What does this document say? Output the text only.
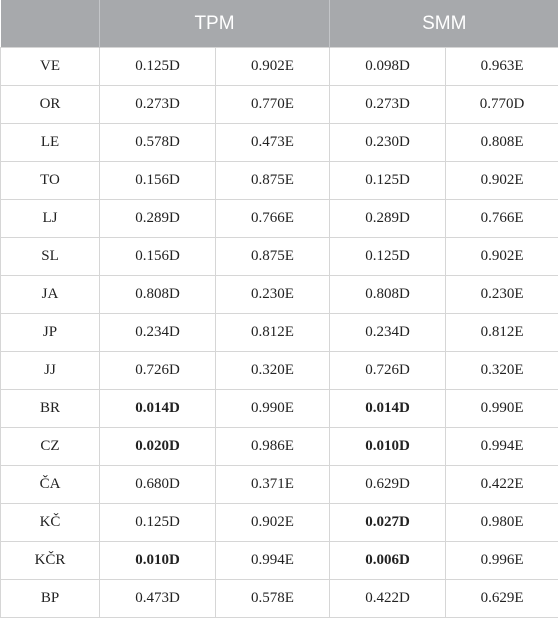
	TPM		SMM	
VE	0.125D	0.902E	0.098D	0.963E
OR	0.273D	0.770E	0.273D	0.770D
LE	0.578D	0.473E	0.230D	0.808E
TO	0.156D	0.875E	0.125D	0.902E
LJ	0.289D	0.766E	0.289D	0.766E
SL	0.156D	0.875E	0.125D	0.902E
JA	0.808D	0.230E	0.808D	0.230E
JP	0.234D	0.812E	0.234D	0.812E
JJ	0.726D	0.320E	0.726D	0.320E
BR	0.014D	0.990E	0.014D	0.990E
CZ	0.020D	0.986E	0.010D	0.994E
ČA	0.680D	0.371E	0.629D	0.422E
KČ	0.125D	0.902E	0.027D	0.980E
KČR	0.010D	0.994E	0.006D	0.996E
BP	0.473D	0.578E	0.422D	0.629E
